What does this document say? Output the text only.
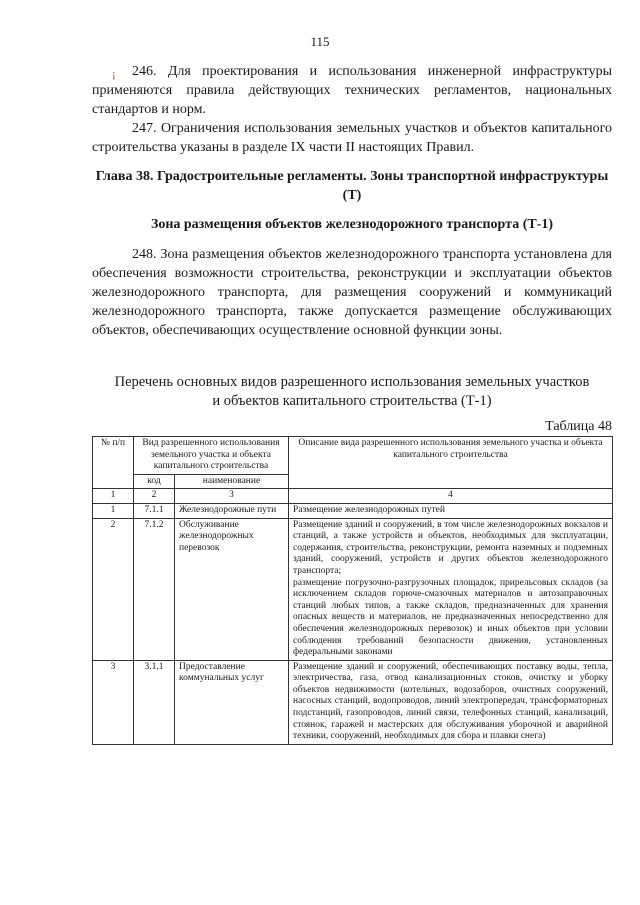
115
¡	246. Для проектирования и использования инженерной инфраструктуры применяются правила действующих технических регламентов, национальных стандартов и норм.
247. Ограничения использования земельных участков и объектов капитального строительства указаны в разделе IX части II настоящих Правил.
Глава 38. Градостроительные регламенты. Зоны транспортной инфраструктуры (Т)
Зона размещения объектов железнодорожного транспорта (Т-1)
248. Зона размещения объектов железнодорожного транспорта установлена для обеспечения возможности строительства, реконструкции и эксплуатации объектов железнодорожного транспорта, для размещения сооружений и коммуникаций железнодорожного транспорта, также допускается размещение обслуживающих объектов, обеспечивающих осуществление основной функции зоны.
Перечень основных видов разрешенного использования земельных участков
и объектов капитального строительства (Т-1)
Таблица 48
№ п/п	Вид разрешенного использования земельного участка и объекта капитального строительства		Описание вида разрешенного использования земельного участка и объекта капитального строительства
	код	наименование	
1	2	3	4
1	7.1.1	Железнодорожные пути	Размещение железнодорожных путей
2	7.1.2	Обслуживание железнодорожных перевозок	Размещение зданий и сооружений, в том числе железнодорожных вокзалов и станций, а также устройств и объектов, необходимых для эксплуатации, содержания, строительства, реконструкции, ремонта наземных и подземных зданий, сооружений, устройств и других объектов железнодорожного транспорта;
размещение погрузочно-разгрузочных площадок, прирельсовых складов (за исключением складов горюче-смазочных материалов и автозаправочных станций любых типов, а также складов, предназначенных для хранения опасных веществ и материалов, не предназначенных непосредственно для обеспечения железнодорожных перевозок) и иных объектов при условии соблюдения требований безопасности движения, установленных федеральными законами

3	3.1.1	Предоставление коммунальных услуг	Размещение зданий и сооружений, обеспечивающих поставку воды, тепла, электричества, газа, отвод канализационных стоков, очистку и уборку объектов недвижимости (котельных, водозаборов, очистных сооружений, насосных станций, водопроводов, линий электропередач, трансформаторных подстанций, газопроводов, линий связи, телефонных станций, канализаций, стоянок, гаражей и мастерских для обслуживания уборочной и аварийной техники, сооружений, необходимых для сбора и плавки снега)
